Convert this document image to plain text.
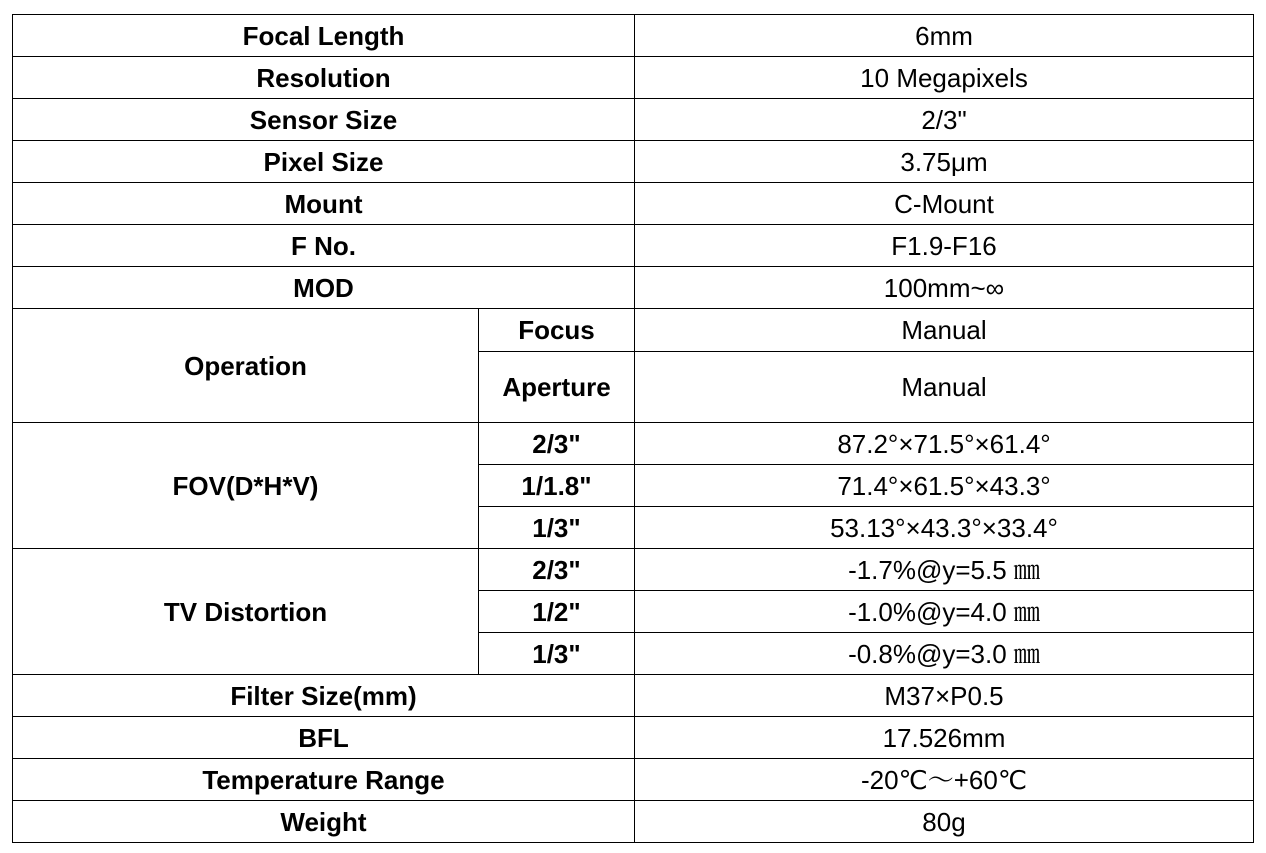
Focal Length		6mm
Resolution		10 Megapixels
Sensor Size		2/3"
Pixel Size		3.75μm
Mount		C-Mount
F No.		F1.9-F16
MOD		100mm~∞
Operation	Focus	Manual
	Aperture	Manual
FOV(D*H*V)	2/3"	87.2°×71.5°×61.4°
	1/1.8"	71.4°×61.5°×43.3°
	1/3"	53.13°×43.3°×33.4°
TV Distortion	2/3"	-1.7%@y=5.5 ㎜
	1/2"	-1.0%@y=4.0 ㎜
	1/3"	-0.8%@y=3.0 ㎜
Filter Size(mm)		M37×P0.5
BFL		17.526mm
Temperature Range		-20℃～+60℃
Weight		80g
